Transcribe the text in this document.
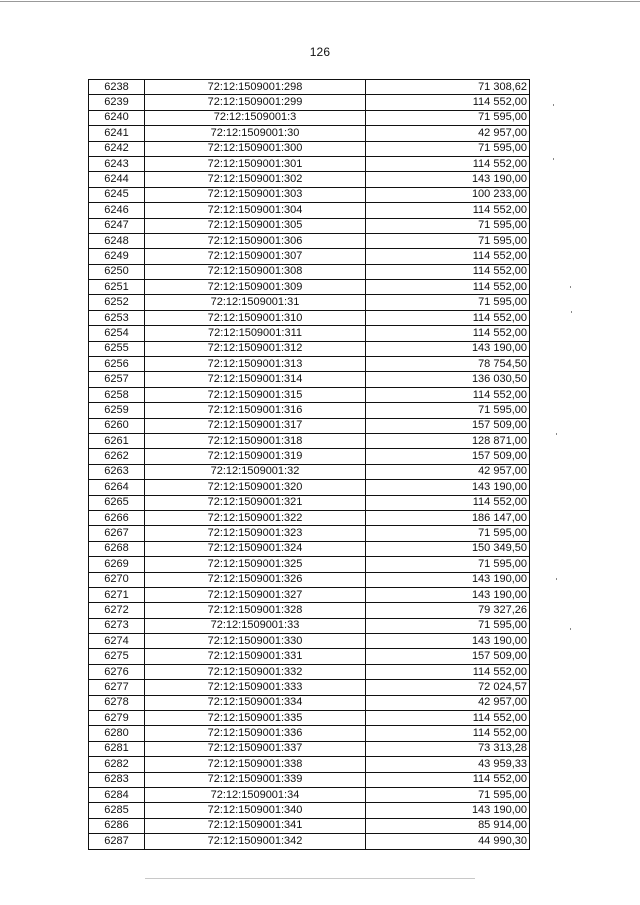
126
6238	72:12:1509001:298	71 308,62
6239	72:12:1509001:299	114 552,00
6240	72:12:1509001:3	71 595,00
6241	72:12:1509001:30	42 957,00
6242	72:12:1509001:300	71 595,00
6243	72:12:1509001:301	114 552,00
6244	72:12:1509001:302	143 190,00
6245	72:12:1509001:303	100 233,00
6246	72:12:1509001:304	114 552,00
6247	72:12:1509001:305	71 595,00
6248	72:12:1509001:306	71 595,00
6249	72:12:1509001:307	114 552,00
6250	72:12:1509001:308	114 552,00
6251	72:12:1509001:309	114 552,00
6252	72:12:1509001:31	71 595,00
6253	72:12:1509001:310	114 552,00
6254	72:12:1509001:311	114 552,00
6255	72:12:1509001:312	143 190,00
6256	72:12:1509001:313	78 754,50
6257	72:12:1509001:314	136 030,50
6258	72:12:1509001:315	114 552,00
6259	72:12:1509001:316	71 595,00
6260	72:12:1509001:317	157 509,00
6261	72:12:1509001:318	128 871,00
6262	72:12:1509001:319	157 509,00
6263	72:12:1509001:32	42 957,00
6264	72:12:1509001:320	143 190,00
6265	72:12:1509001:321	114 552,00
6266	72:12:1509001:322	186 147,00
6267	72:12:1509001:323	71 595,00
6268	72:12:1509001:324	150 349,50
6269	72:12:1509001:325	71 595,00
6270	72:12:1509001:326	143 190,00
6271	72:12:1509001:327	143 190,00
6272	72:12:1509001:328	79 327,26
6273	72:12:1509001:33	71 595,00
6274	72:12:1509001:330	143 190,00
6275	72:12:1509001:331	157 509,00
6276	72:12:1509001:332	114 552,00
6277	72:12:1509001:333	72 024,57
6278	72:12:1509001:334	42 957,00
6279	72:12:1509001:335	114 552,00
6280	72:12:1509001:336	114 552,00
6281	72:12:1509001:337	73 313,28
6282	72:12:1509001:338	43 959,33
6283	72:12:1509001:339	114 552,00
6284	72:12:1509001:34	71 595,00
6285	72:12:1509001:340	143 190,00
6286	72:12:1509001:341	85 914,00
6287	72:12:1509001:342	44 990,30
